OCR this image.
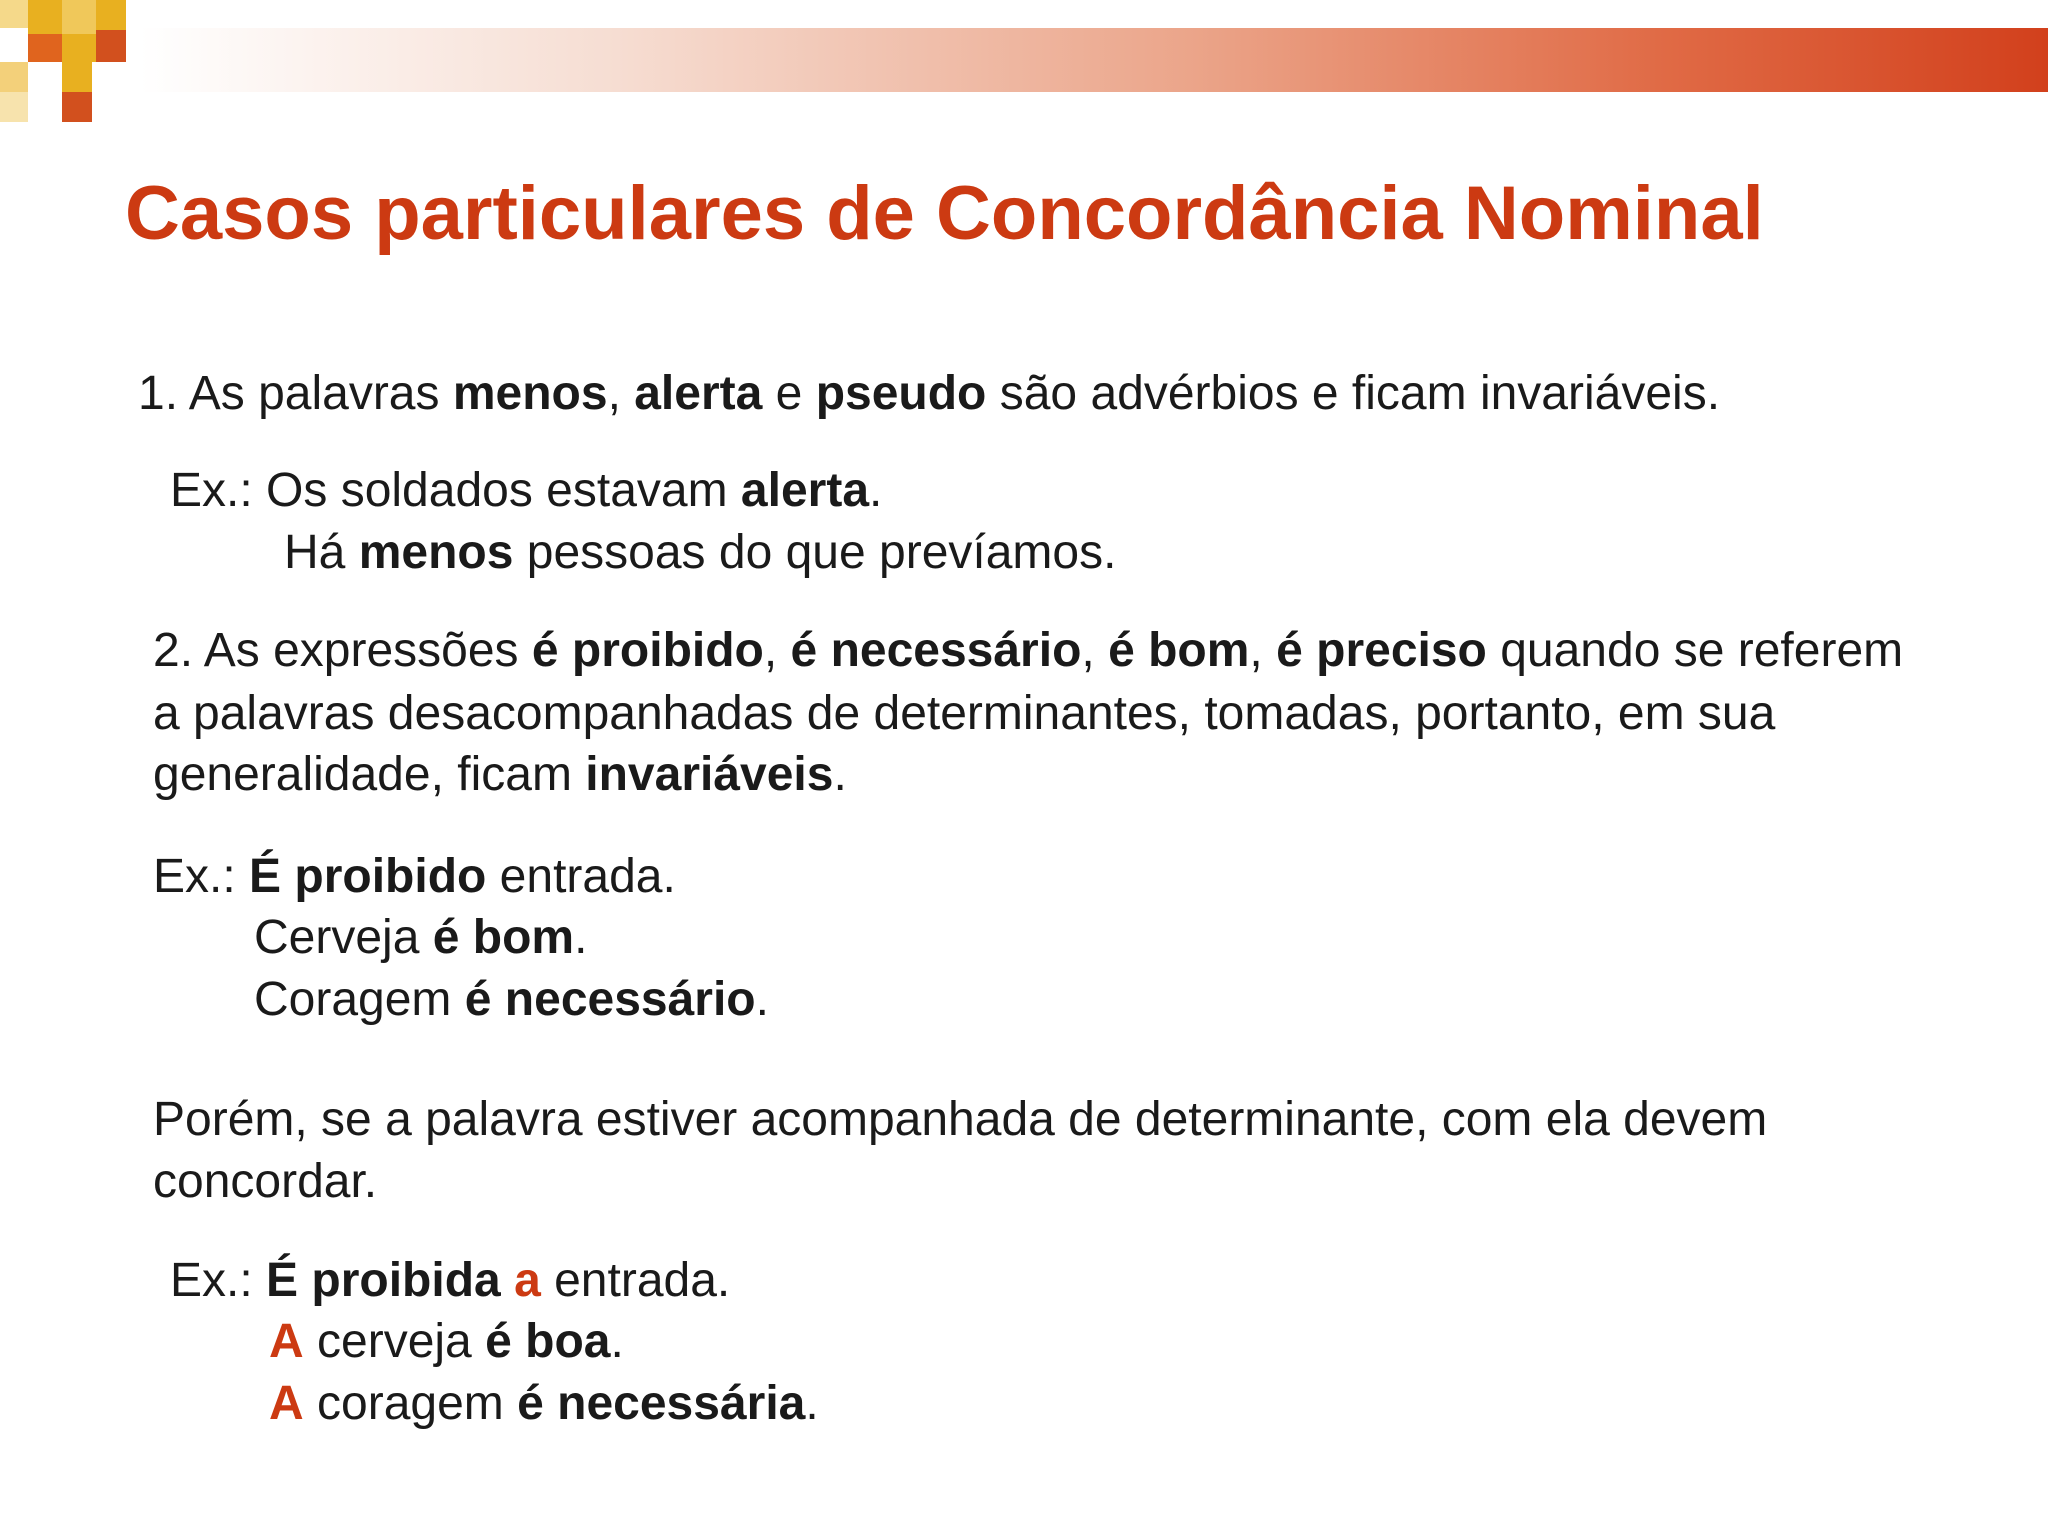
Casos particulares de Concordância Nominal

1. As palavras menos, alerta e pseudo são advérbios e ficam invariáveis.

Ex.: Os soldados estavam alerta.

Há menos pessoas do que prevíamos.

2. As expressões é proibido, é necessário, é bom, é preciso quando se referem

a palavras desacompanhadas de determinantes, tomadas, portanto, em sua

generalidade, ficam invariáveis.

Ex.: É proibido entrada.

Cerveja é bom.

Coragem é necessário.

Porém, se a palavra estiver acompanhada de determinante, com ela devem

concordar.

Ex.: É proibida a entrada.

A cerveja é boa.

A coragem é necessária.
